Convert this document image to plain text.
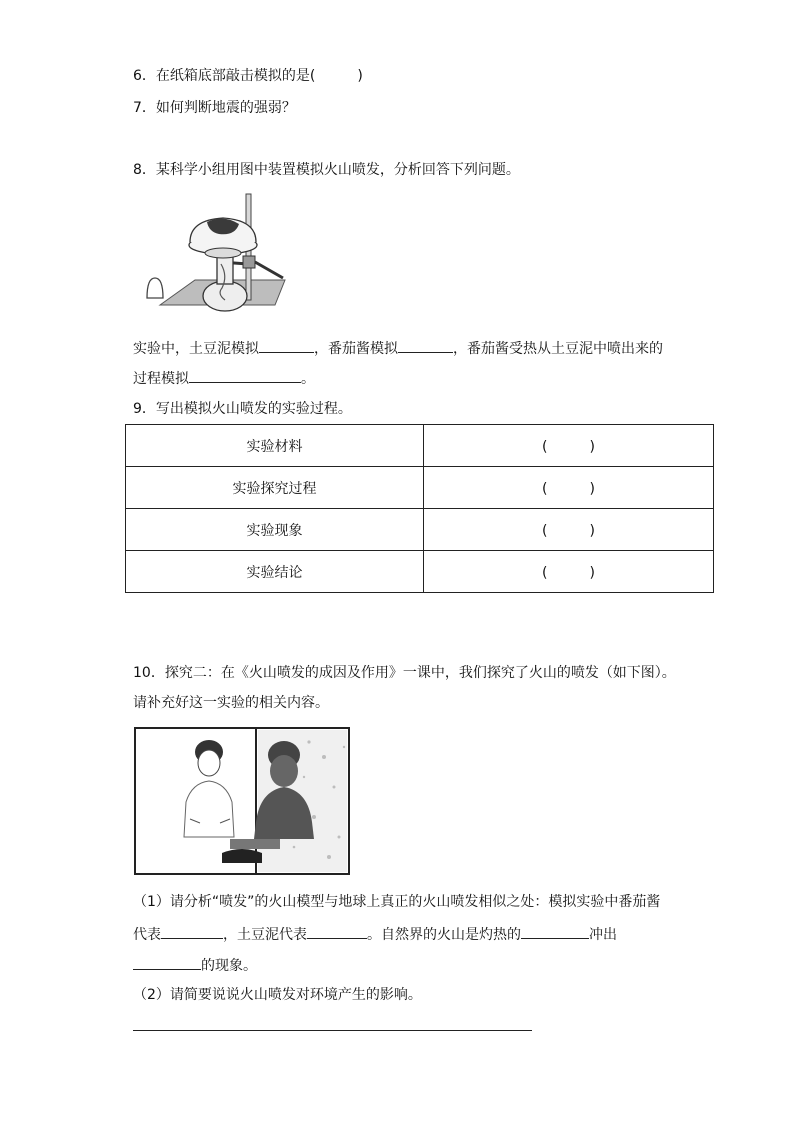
6．在纸箱底部敲击模拟的是(　　　)
7．如何判断地震的强弱？
8．某科学小组用图中装置模拟火山喷发，分析回答下列问题。
实验中，土豆泥模拟	，番茄酱模拟	，番茄酱受热从土豆泥中喷出来的
过程模拟	。
9．写出模拟火山喷发的实验过程。
实验材料	(　　　)
实验探究过程	(　　　)
实验现象	(　　　)
实验结论	(　　　)
10．探究二：在《火山喷发的成因及作用》一课中，我们探究了火山的喷发（如下图）。
请补充好这一实验的相关内容。
（1）请分析“喷发”的火山模型与地球上真正的火山喷发相似之处：模拟实验中番茄酱
代表	，土豆泥代表	。自然界的火山是灼热的	冲出
的现象。
（2）请简要说说火山喷发对环境产生的影响。
